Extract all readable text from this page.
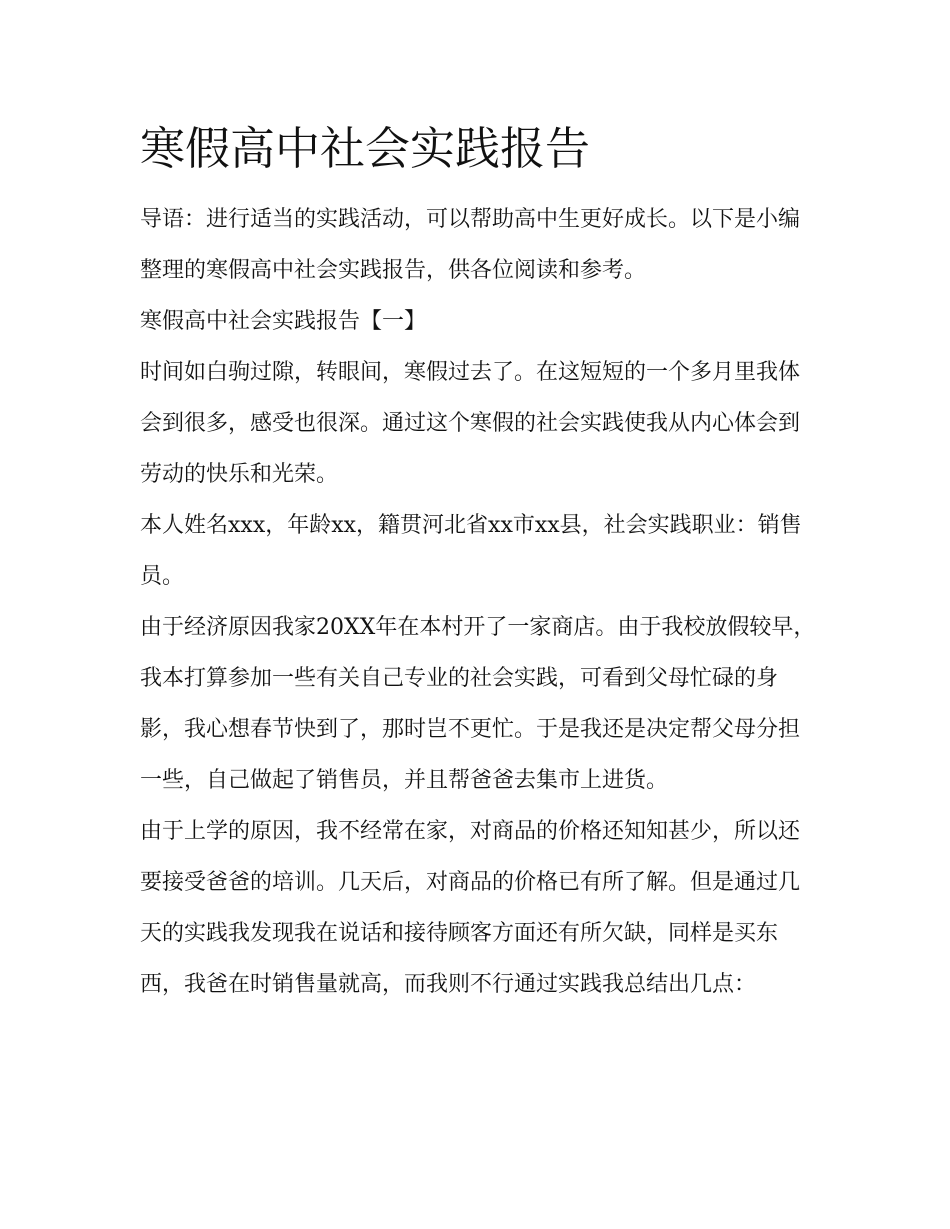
寒假高中社会实践报告

导语：进行适当的实践活动，可以帮助高中生更好成长。以下是小编整理的寒假高中社会实践报告，供各位阅读和参考。

寒假高中社会实践报告【一】

时间如白驹过隙，转眼间，寒假过去了。在这短短的一个多月里我体会到很多，感受也很深。通过这个寒假的社会实践使我从内心体会到劳动的快乐和光荣。

本人姓名xxx，年龄xx，籍贯河北省xx市xx县，社会实践职业：销售员。

由于经济原因我家20XX年在本村开了一家商店。由于我校放假较早，我本打算参加一些有关自己专业的社会实践，可看到父母忙碌的身影，我心想春节快到了，那时岂不更忙。于是我还是决定帮父母分担一些，自己做起了销售员，并且帮爸爸去集市上进货。

由于上学的原因，我不经常在家，对商品的价格还知知甚少，所以还要接受爸爸的培训。几天后，对商品的价格已有所了解。但是通过几天的实践我发现我在说话和接待顾客方面还有所欠缺，同样是买东西，我爸在时销售量就高，而我则不行通过实践我总结出几点：
